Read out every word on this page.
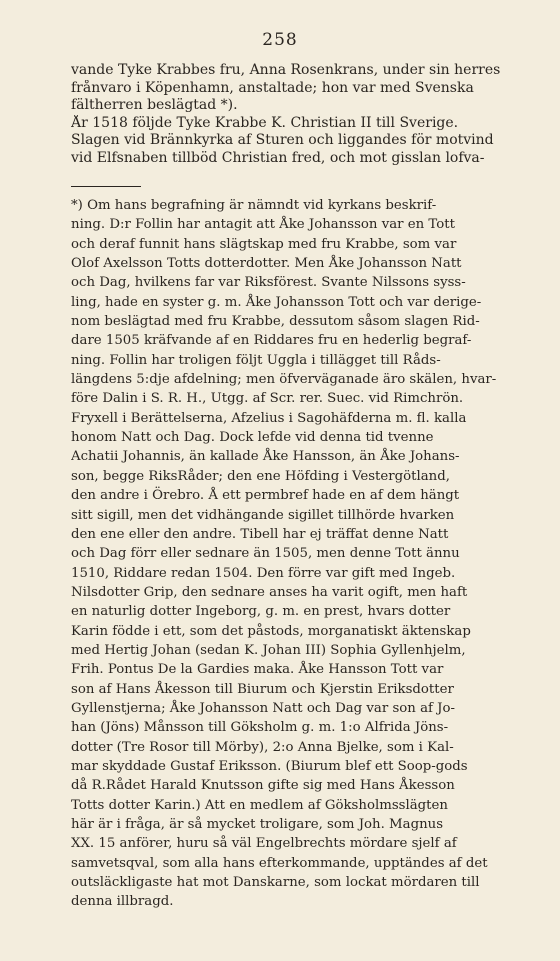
258
vande Tyke Krabbes fru, Anna Rosenkrans, under sin herres
frånvaro i Köpenhamn, anstaltade; hon var med Svenska
fältherren beslägtad *).
År 1518 följde Tyke Krabbe K. Christian II till Sverige.
Slagen vid Brännkyrka af Sturen och liggandes för motvind
vid Elfsnaben tillböd Christian fred, och mot gisslan lofva-
*) Om hans begrafning är nämndt vid kyrkans beskrif-
ning. D:r Follin har antagit att Åke Johansson var en Tott
och deraf funnit hans slägtskap med fru Krabbe, som var
Olof Axelsson Totts dotterdotter. Men Åke Johansson Natt
och Dag, hvilkens far var Riksförest. Svante Nilssons syss-
ling, hade en syster g. m. Åke Johansson Tott och var derige-
nom beslägtad med fru Krabbe, dessutom såsom slagen Rid-
dare 1505 kräfvande af en Riddares fru en hederlig begraf-
ning. Follin har troligen följt Uggla i tillägget till Råds-
längdens 5:dje afdelning; men öfverväganade äro skälen, hvar-
före Dalin i S. R. H., Utgg. af Scr. rer. Suec. vid Rimchrön.
Fryxell i Berättelserna, Afzelius i Sagohäfderna m. fl. kalla
honom Natt och Dag. Dock lefde vid denna tid tvenne
Achatii Johannis, än kallade Åke Hansson, än Åke Johans-
son, begge RiksRåder; den ene Höfding i Vestergötland,
den andre i Örebro. Å ett permbref hade en af dem hängt
sitt sigill, men det vidhängande sigillet tillhörde hvarken
den ene eller den andre. Tibell har ej träffat denne Natt
och Dag förr eller sednare än 1505, men denne Tott ännu
1510, Riddare redan 1504. Den förre var gift med Ingeb.
Nilsdotter Grip, den sednare anses ha varit ogift, men haft
en naturlig dotter Ingeborg, g. m. en prest, hvars dotter
Karin födde i ett, som det påstods, morganatiskt äktenskap
med Hertig Johan (sedan K. Johan III) Sophia Gyllenhjelm,
Frih. Pontus De la Gardies maka. Åke Hansson Tott var
son af Hans Åkesson till Biurum och Kjerstin Eriksdotter
Gyllenstjerna; Åke Johansson Natt och Dag var son af Jo-
han (Jöns) Månsson till Göksholm g. m. 1:o Alfrida Jöns-
dotter (Tre Rosor till Mörby), 2:o Anna Bjelke, som i Kal-
mar skyddade Gustaf Eriksson. (Biurum blef ett Soop-gods
då R.Rådet Harald Knutsson gifte sig med Hans Åkesson
Totts dotter Karin.) Att en medlem af Göksholmsslägten
här är i fråga, är så mycket troligare, som Joh. Magnus
XX. 15 anförer, huru så väl Engelbrechts mördare sjelf af
samvetsqval, som alla hans efterkommande, upptändes af det
outsläckligaste hat mot Danskarne, som lockat mördaren till
denna illbragd.
